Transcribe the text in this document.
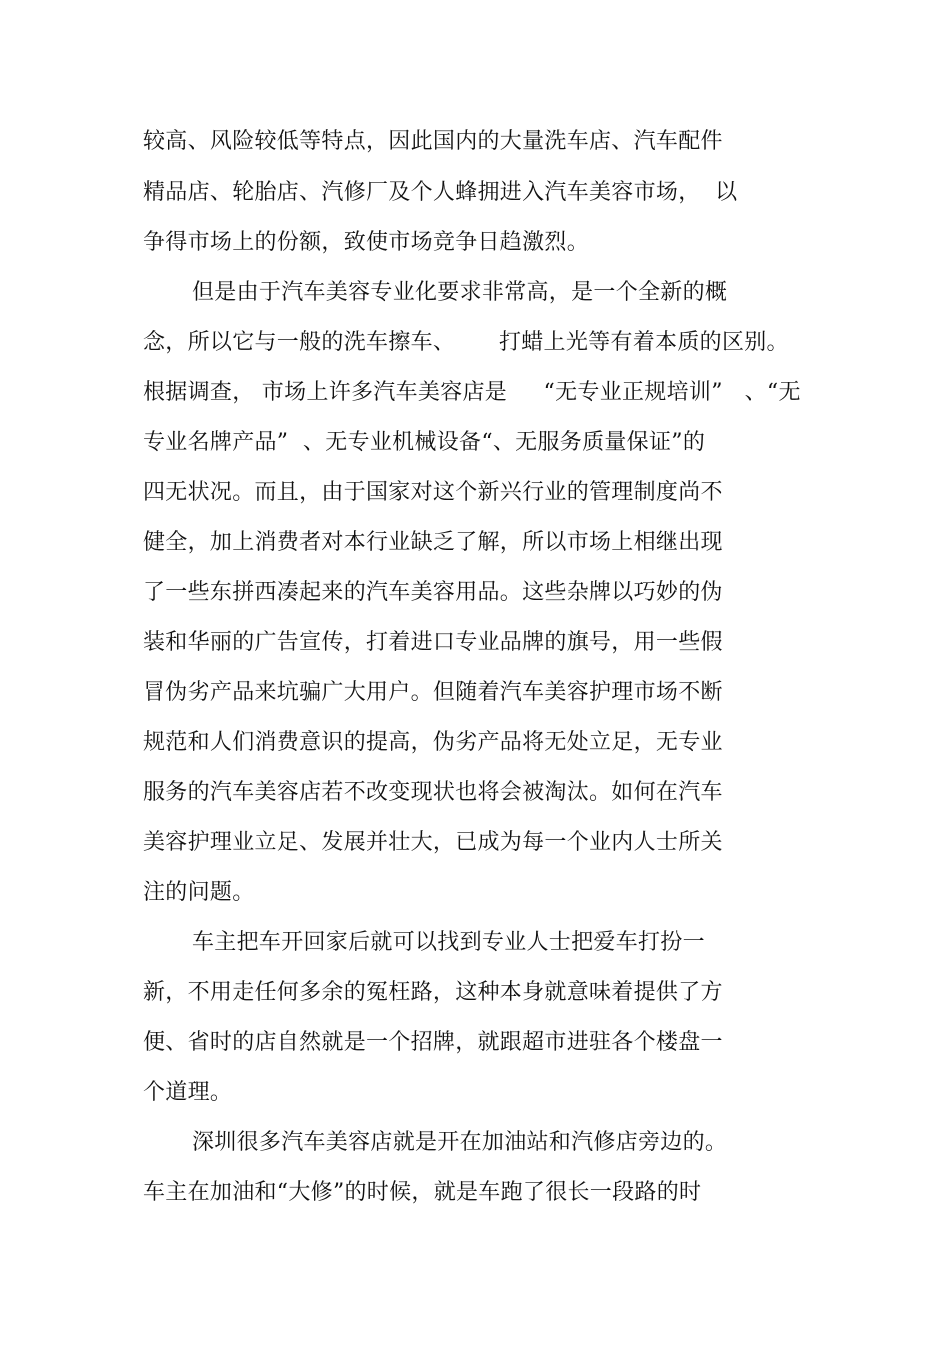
较高、风险较低等特点，因此国内的大量洗车店、汽车配件
精品店、轮胎店、汽修厂及个人蜂拥进入汽车美容市场，  以
争得市场上的份额，致使市场竞争日趋激烈。
但是由于汽车美容专业化要求非常高，是一个全新的概
念，所以它与一般的洗车擦车、      打蜡上光等有着本质的区别。
根据调查， 市场上许多汽车美容店是     “无专业正规培训”   、“无
专业名牌产品”  、无专业机械设备“、无服务质量保证”的
四无状况。而且，由于国家对这个新兴行业的管理制度尚不
健全，加上消费者对本行业缺乏了解，所以市场上相继出现
了一些东拼西凑起来的汽车美容用品。这些杂牌以巧妙的伪
装和华丽的广告宣传，打着进口专业品牌的旗号，用一些假
冒伪劣产品来坑骗广大用户。但随着汽车美容护理市场不断
规范和人们消费意识的提高，伪劣产品将无处立足，无专业
服务的汽车美容店若不改变现状也将会被淘汰。如何在汽车
美容护理业立足、发展并壮大，已成为每一个业内人士所关
注的问题。
车主把车开回家后就可以找到专业人士把爱车打扮一
新，不用走任何多余的冤枉路，这种本身就意味着提供了方
便、省时的店自然就是一个招牌，就跟超市进驻各个楼盘一
个道理。
深圳很多汽车美容店就是开在加油站和汽修店旁边的。
车主在加油和“大修”的时候，就是车跑了很长一段路的时
